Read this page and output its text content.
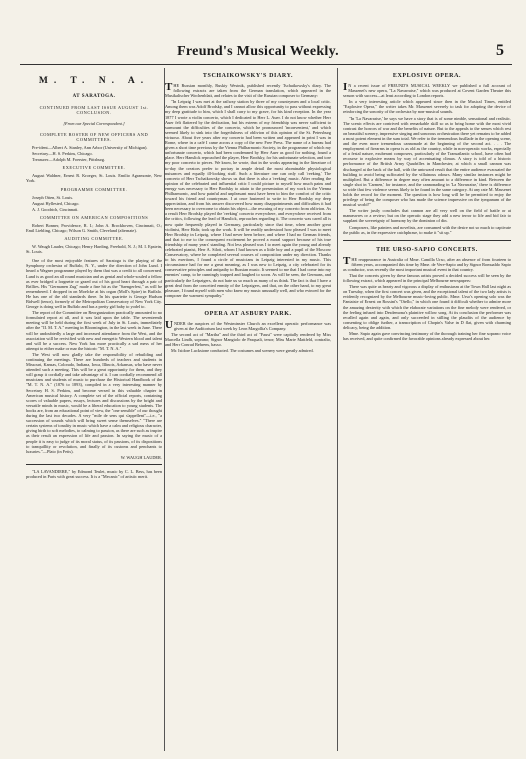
Freund's Musical Weekly.	5
M. T. N. A.
AT SARATOGA.
CONTINUED FROM LAST ISSUE AUGUST 1st.
CONCLUSION.

[From our Special Correspondent.]

COMPLETE ROSTER OF NEW OFFICERS AND COMMITTEES.

Pre-ident—Albert A. Stanley, Ann Arbor (University of Michigan).

Secretary—H. S. Perkins, Chicago.

Treasurer—Adolph M. Foerster, Pittsburg.

EXECUTIVE COMMITTEE.

August Waldner, Ernest R. Kroeger, St. Louis. Emilio Agramonte, New York.

PROGRAMME COMMITTEE.

Joseph Otten, St. Louis.

August Hyllested, Chicago.

A. J. Goodrich, Cincinnati.

COMMITTEE ON AMERICAN COMPOSITIONS

Robert Bonner, Providence, R. I.; John A. Brockhoven, Cincinnati, O.; Emil Liebling, Chicago; Wilson G. Smith, Cleveland (alternate).

AUDITING COMMITTEE.

W. Waugh Lauder, Chicago; Henry Harding, Freehold, N. J.; M. I. Epstein, St. Louis.

One of the most enjoyable features of Saratoga is the playing of the Symphony orchestra of Buffalo, N. Y., under the direction of John Lund. I heard a Wagner programme played by them that was a credit to all concerned. Lund is as good an all round musician and as genial and whole-souled a fellow as ever bridged a lorgnette or gazed out of his good heart through a pair of Brillies. His "Germanen Zug" made a fine hit as the "Saengerfest," as will be remembered. I dropped in on Moelcke at his organ (Moll's Spire) in Buffalo. He has one of the old standards there. In his quartette is George Hudson Bidwell (tenor), formerly of the Metropolitan Conservatory of New York City. George is doing well in Buffalo and has a pretty girl baby to yodel to.

The report of the Committee on Reorganization practically amounted to no formulated report at all, and it was laid upon the table. The seventeenth meeting will be held during the first week of July in St. Louis, immediately after the "II. M. T. A." meeting in Bloomington, in the last week in June. There will be undoubtedly a large and increased attendance from the West, and the association will be revivified with new and energetic Western blood and talent and will be a success. New York has more practically a sad mess of her attempt to either make or mar the historic "M. T. N. A."

The West will now gladly take the responsibility of rebuilding and continuing the meetings. There are hundreds of teachers and students in Missouri, Kansas, Colorado, Indiana, Iowa, Illinois, Arkansas, who have never attended such a meeting. This will be a great opportunity for them, and they will grasp it cordially and take advantage of it. I can cordially recommend all musicians and students of music to purchase the Historical Handbook of the "M. T. N. A." (1876 to 1893), compiled in a very interesting manner by Secretary H. S. Perkins, and become versed in this valuable chapter in American musical history. A complete set of the official reports, containing scores of valuable papers, essays, lectures and discussions by the bright and versatile minds in music, would be a liberal education to young students. The books are, from an educational point of view, the "one sensible" of our thought during the last two decades. A very "mile de sens qui s'appellent"—i.e., "a succession of sounds which will bring sweet sense themselves." "There are certain systems of tonality in music which have a calm and religious character, giving birth to soft melodies, to calming to passion, as there are such as inspire as their result an expression of life and passion. In saying the music of a people it is easy to judge of its moral status, of its passions, of its dispositions to tranquillity or revolution, and finally of its customs and penchants to luxuries."—Plato (in Fetis).

W. WAUGH LAUDER.

"LA LAVANDIERE," by Edmond Teulet, music by C. L. Bess, has been produced in Paris with great success. It is a "Mecanic" of artistic merit.

TSCHAIKOWSKY'S DIARY.

THE Russian monthly, Ruskiy Westnik, published recently Tschaikowsky's diary. The following extracts are taken from the German translation, which appeared in the Musikalischer Wochenblatt, and relates to the visit of the Russian composer to Germany:

"In Leipzig I was met at the railway station by three of my countrymen and a local critic. Among them was Adolf Brodsky, and I cannot allow this opportunity to pass without expressing my deep gratitude to him, which I shall carry to my grave, for his kind reception. In the year 1877 I wrote a violin concerto, which I dedicated to Herr L. Auer. I do not know whether Herr Auer felt flattered by the dedication, but his esteem of my friendship was never sufficient to surmount the difficulties of the concerto, which he pronounced 'inconvenient,' and which seemed likely to sink into the forgetfulness of oblivion of this opinion of the St. Petersburg virtuoso. About five years after my concerto had been written and appeared in print I was in Rome, where in a café I came across a copy of the new Free Press. The name of a bureau had given a short time previous by the Vienna Philharmonic Society, in the programme of which my unfortunate concerto, which had been condemned by Herr Auer as good for nothing, found a place. Herr Hanslick reproached the player, Herr Brodsky, for his unfortunate selection, and tore my poor concerto to pieces. We know, he wrote, that in the works appearing in the literature of to-day the creators prefer to portray in ample detail the most abominable physiological nuisances and equally ill-looking stuff. Such a literature one can only call 'reeking.' The concerto of Herr Tschaikowsky shows us that there is also a 'reeking' music. After reading the opinion of the celebrated and influential critic I could picture to myself how much pains and energy was necessary to Herr Brodsky to attain to the presentation of my work in the Vienna Philharmonic, and how painful and unpleasant must have been to him the comfort of the critic toward his friend and countryman. I at once hastened to write to Herr Brodsky my deep appreciation, and from his answer discovered how many disappointments and difficulties it had been necessary to overcome to obtain his object—the rescuing of my concerto from oblivion. As a result Herr Brodsky played the 'reeking' concerto everywhere, and everywhere received from the critics, following the lead of Hanslick, reproaches regarding it. The concerto was cared all is now quite frequently played in Germany, particularly since that time, when another great violinist, Herr Halir, took up the work. It will be readily understood how pleased I was to meet Herr Brodsky in Leipzig, where I had never been before, and where I had no German friends, and that to me to the consequent excitement he proved a moral support because of his true friendship of many years' standing. Not less pleased was I to meet again the young and already celebrated pianist, Herr A. Siloti, whom I had known as a little boy and a pupil of the Moscow Conservatory, where he completed several courses of composition under my direction. Thanks to his exertions, I found a circle of musicians in Leipzig interested in my music. This circumstance had for me a great meaning, as I was new to Leipzig, a city celebrated for its conservative principles and antipathy to Russian music. It seemed to me that I had come into my enemies' camp, to be cunningly trapped and laughed to scorn. As will be seen, the Germans, and particularly the Leipzigers, do not hate us so much as many of us think. The fact is that I have a great deal from the conceited enmity of the Leipzigers, and that, on the other hand, to my great pleasure, I found myself with men who knew my music unusually well, and who evinced for the composer the warmest sympathy."

OPERA AT ASBURY PARK.

UNDER the auspices of the Westminster Church an excellent operatic performance was given at the Auditorium last week by Leon Margollia's Company.

The second act of "Martha" and the third act of "Faust" were capitally rendered by Miss Marcella Lindh, soprano; Signor Mangiolo de Pasquali, tenor; Miss Marie Mattfeld, contralto, and Herr Conrad Behrens, basso.

Mr. Isidore Luckstone conducted. The costumes and scenery were greatly admired.

EXPLOSIVE OPERA.

I N a recent issue of FREUND'S MUSICAL WEEKLY we published a full account of Massenet's new opera, "La Navarraise," which was produced at Covent Garden Theatre this season with success—at least according to London reports.

In a very interesting article which appeared since then in the Musical Times, entitled "Explosive Opera," the writer takes Mr. Massenet severely to task for adopting the device of reinforcing the sonority of the orchestra by non-musical sounds.

"In 'La Navarraise,' he says we have a story that is of some nimble, sensational and realistic. The scenic effects are contrived with remarkable skill so as to bring home with the most vivid contrast the horrors of war and the benefits of nature. But to the appeals to the senses which rest on beautiful scenery, impressive singing and sonorous orchestration there yet remains to be added a most potent element in the sum total. We refer to the tremendous fusillade in the opening scene, and the even more tremendous cannonade at the beginning of the second act. . . . The employment of firearms in opera is as old as the country, while in non-operatic works, especially of a festal nature, exuberant composers, particularly of the Transatlantic school, have often had recourse to explosive means by way of accentuating climax. A story is told of a historic performance of the British Army Quadrilles in Manchester, at which a small cannon was discharged at the back of the hall, with the untoward result that the entire audience evacuated the building to avoid being suffocated by the villainous odours. Many similar instances might be multiplied. But a difference in degree may often amount to a difference in kind. Between the single shot in 'Carmen,' for instance, and the cannonading in 'La Navarraise,' there is difference so wide that few violence seems likely to be found in the same category. At any rate M. Massenet holds the record for the moment. The question is how long will he be permitted to enjoy the privilege of being the composer who has made the science impressive on the tympanum of the musical world!"

The writer justly concludes that cannon are all very well on the field of battle or at manœuvres or a review; but on the operatic stage they add a new terror to life and bid fair to supplant the sovereignty of harmony by the dominion of din.

Composers, like painters and novelists, are consumed with the desire not so much to captivate the public as, in the expressive catchphrase, to make it "sit up."

THE URSO-SAPIO CONCERTS.

THE reappearance in Australia of Mme. Camilla Urso, after an absence of from fourteen to fifteen years, accompanied this time by Mme. de Vere-Sapio and by Signor Romualdo Sapio as conductor, was recently the most important musical event in that country.

That the concerts given by these famous artists proved a decided success will be seen by the following extract, which appeared in the principal Melbourne newspapers:

There was quite as hearty and vigorous a display of enthusiasm at the Town Hall last night as on Tuesday, when the first concert was given, and the exceptional talent of the two lady artists is evidently recognized by the Melbourne music-loving public. Mme. Urso's opening solo was the Fantaisie of Ernest on Rossini's "Otello," in which one found it difficult whether to admire more the amazing dexterity with which the elaborate variations on the fine melody were rendered, or the feeling infused into Desdemona's plaintive willow song. At its conclusion the performer was recalled again and again, and only succeeded in stilling the plaudits of the audience by consenting to oblige further, a transcription of Chopin's Valse in D flat, given with charming delicacy, being the addition.

Mme. Sapio again gave convincing testimony of the thorough training her fine soprano voice has received, and quite confirmed the favorable opinions already expressed about her.
